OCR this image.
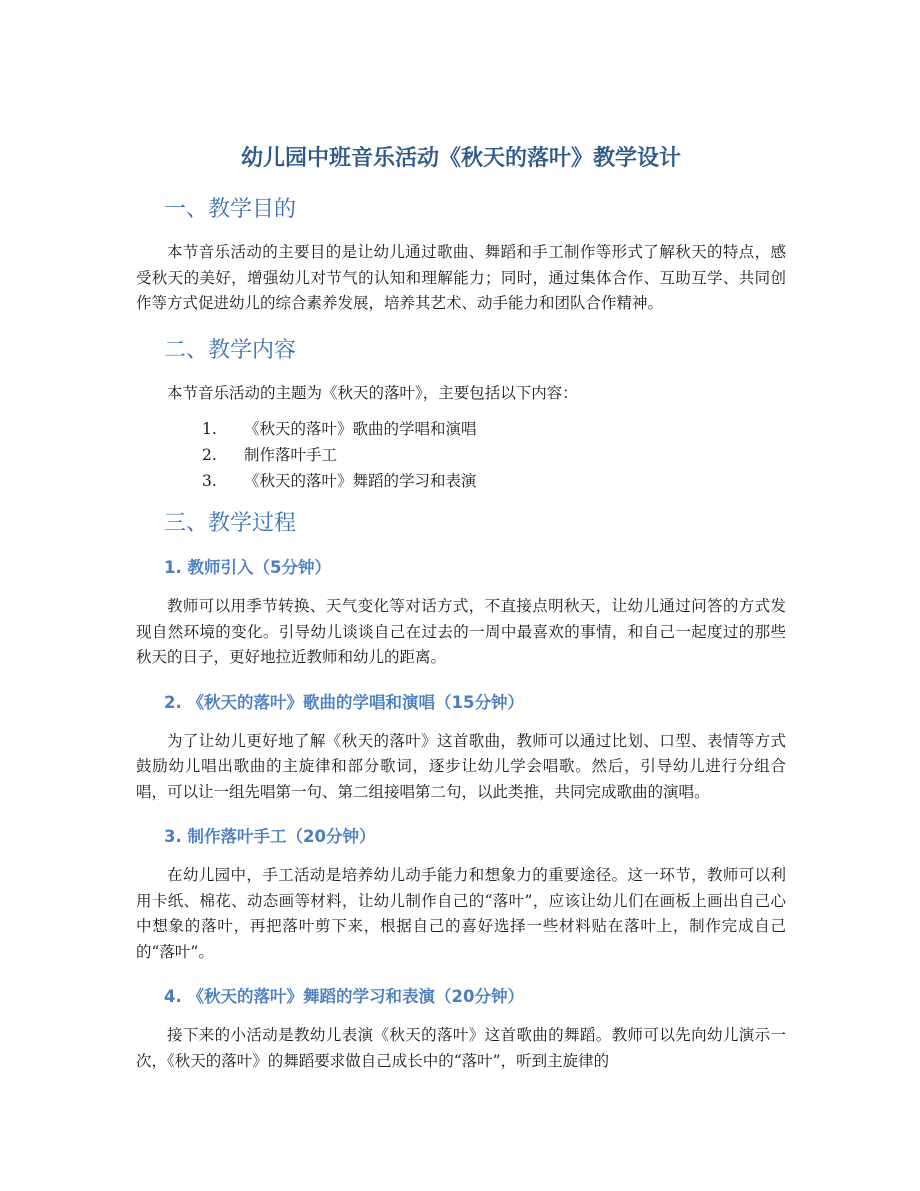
幼儿园中班音乐活动《秋天的落叶》教学设计
一、教学目的

本节音乐活动的主要目的是让幼儿通过歌曲、舞蹈和手工制作等形式了解秋天的特点，感受秋天的美好，增强幼儿对节气的认知和理解能力；同时，通过集体合作、互助互学、共同创作等方式促进幼儿的综合素养发展，培养其艺术、动手能力和团队合作精神。

二、教学内容

本节音乐活动的主题为《秋天的落叶》，主要包括以下内容：

1.	《秋天的落叶》歌曲的学唱和演唱
2.	制作落叶手工
3.	《秋天的落叶》舞蹈的学习和表演
三、教学过程
1. 教师引入（5分钟）

教师可以用季节转换、天气变化等对话方式，不直接点明秋天，让幼儿通过问答的方式发现自然环境的变化。引导幼儿谈谈自己在过去的一周中最喜欢的事情，和自己一起度过的那些秋天的日子，更好地拉近教师和幼儿的距离。

2. 《秋天的落叶》歌曲的学唱和演唱（15分钟）

为了让幼儿更好地了解《秋天的落叶》这首歌曲，教师可以通过比划、口型、表情等方式鼓励幼儿唱出歌曲的主旋律和部分歌词，逐步让幼儿学会唱歌。然后，引导幼儿进行分组合唱，可以让一组先唱第一句、第二组接唱第二句，以此类推，共同完成歌曲的演唱。

3. 制作落叶手工（20分钟）

在幼儿园中，手工活动是培养幼儿动手能力和想象力的重要途径。这一环节，教师可以利用卡纸、棉花、动态画等材料，让幼儿制作自己的“落叶”，应该让幼儿们在画板上画出自己心中想象的落叶，再把落叶剪下来，根据自己的喜好选择一些材料贴在落叶上，制作完成自己的“落叶”。

4. 《秋天的落叶》舞蹈的学习和表演（20分钟）

接下来的小活动是教幼儿表演《秋天的落叶》这首歌曲的舞蹈。教师可以先向幼儿演示一次，《秋天的落叶》的舞蹈要求做自己成长中的“落叶”，听到主旋律的
